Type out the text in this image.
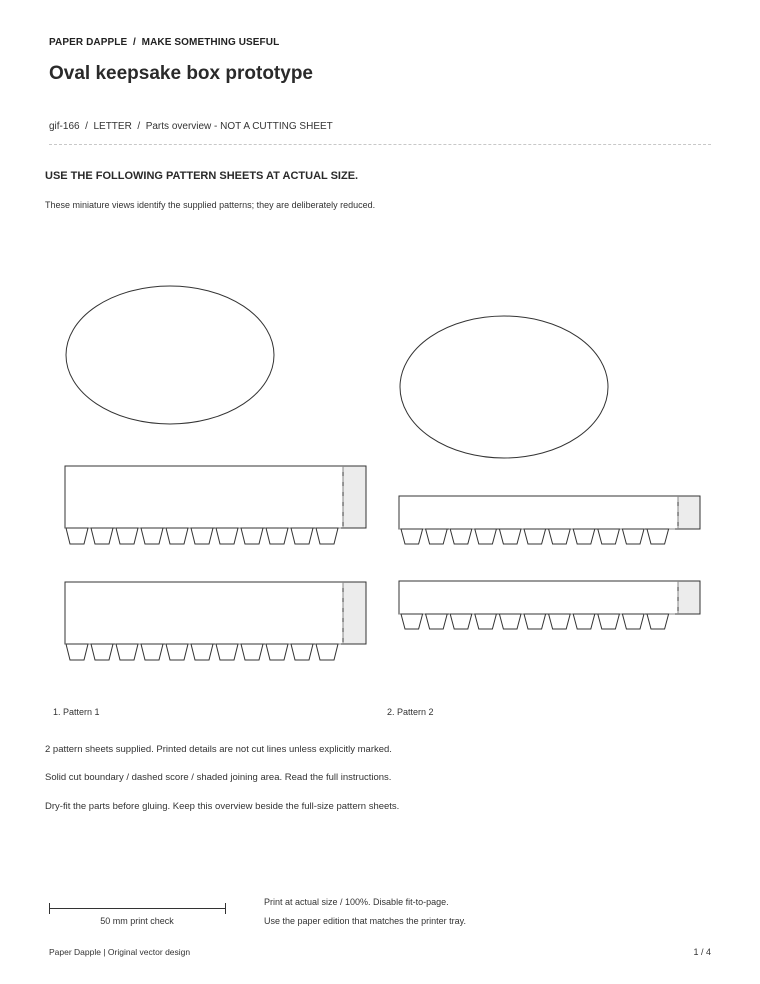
PAPER DAPPLE  /  MAKE SOMETHING USEFUL
Oval keepsake box prototype
gif-166  /  LETTER  /  Parts overview - NOT A CUTTING SHEET
USE THE FOLLOWING PATTERN SHEETS AT ACTUAL SIZE.
These miniature views identify the supplied patterns; they are deliberately reduced.
1. Pattern 1	2. Pattern 2
2 pattern sheets supplied. Printed details are not cut lines unless explicitly marked.
Solid cut boundary / dashed score / shaded joining area. Read the full instructions.
Dry-fit the parts before gluing. Keep this overview beside the full-size pattern sheets.
50 mm print check
Print at actual size / 100%. Disable fit-to-page.
Use the paper edition that matches the printer tray.
Paper Dapple | Original vector design	1 / 4
